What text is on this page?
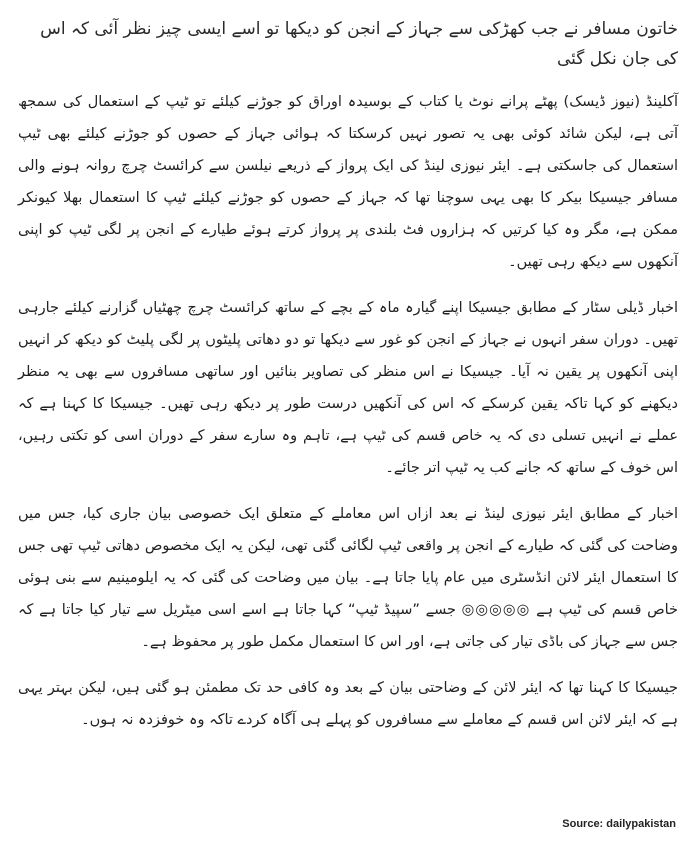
خاتون مسافر نے جب کھڑکی سے جہاز کے انجن کو دیکھا تو اسے ایسی چیز نظر آئی کہ اس کی جان نکل گئی

آکلینڈ (نیوز ڈیسک) پھٹے پرانے نوٹ یا کتاب کے بوسیدہ اوراق کو جوڑنے کیلئے تو ٹیپ کے استعمال کی سمجھ آتی ہے، لیکن شائد کوئی بھی یہ تصور نہیں کرسکتا کہ ہوائی جہاز کے حصوں کو جوڑنے کیلئے بھی ٹیپ استعمال کی جاسکتی ہے۔ ایئر نیوزی لینڈ کی ایک پرواز کے ذریعے نیلسن سے کرائسٹ چرچ روانہ ہونے والی مسافر جیسیکا بیکر کا بھی یہی سوچنا تھا کہ جہاز کے حصوں کو جوڑنے کیلئے ٹیپ کا استعمال بھلا کیونکر ممکن ہے، مگر وہ کیا کرتیں کہ ہزاروں فٹ بلندی پر پرواز کرتے ہوئے طیارے کے انجن پر لگی ٹیپ کو اپنی آنکھوں سے دیکھ رہی تھیں۔

اخبار ڈیلی سٹار کے مطابق جیسیکا اپنے گیارہ ماہ کے بچے کے ساتھ کرائسٹ چرچ چھٹیاں گزارنے کیلئے جارہی تھیں۔ دوران سفر انہوں نے جہاز کے انجن کو غور سے دیکھا تو دو دھاتی پلیٹوں پر لگی پلیٹ کو دیکھ کر انہیں اپنی آنکھوں پر یقین نہ آیا۔ جیسیکا نے اس منظر کی تصاویر بنائیں اور ساتھی مسافروں سے بھی یہ منظر دیکھنے کو کہا تاکہ یقین کرسکے کہ اس کی آنکھیں درست طور پر دیکھ رہی تھیں۔ جیسیکا کا کہنا ہے کہ عملے نے انہیں تسلی دی کہ یہ خاص قسم کی ٹیپ ہے، تاہم وہ سارے سفر کے دوران اسی کو تکتی رہیں، اس خوف کے ساتھ کہ جانے کب یہ ٹیپ اتر جائے۔

اخبار کے مطابق ایئر نیوزی لینڈ نے بعد ازاں اس معاملے کے متعلق ایک خصوصی بیان جاری کیا، جس میں وضاحت کی گئی کہ طیارے کے انجن پر واقعی ٹیپ لگائی گئی تھی، لیکن یہ ایک مخصوص دھاتی ٹیپ تھی جس کا استعمال ایئر لائن انڈسٹری میں عام پایا جاتا ہے۔ بیان میں وضاحت کی گئی کہ یہ ایلومینیم سے بنی ہوئی خاص قسم کی ٹیپ ہے ◎◎◎◎◎ جسے ”سپیڈ ٹیپ“ کہا جاتا ہے اسے اسی میٹریل سے تیار کیا جاتا ہے کہ جس سے جہاز کی باڈی تیار کی جاتی ہے، اور اس کا استعمال مکمل طور پر محفوظ ہے۔

جیسیکا کا کہنا تھا کہ ایئر لائن کے وضاحتی بیان کے بعد وہ کافی حد تک مطمئن ہو گئی ہیں، لیکن بہتر یہی ہے کہ ایئر لائن اس قسم کے معاملے سے مسافروں کو پہلے ہی آگاہ کردے تاکہ وہ خوفزدہ نہ ہوں۔

Source: dailypakistan
